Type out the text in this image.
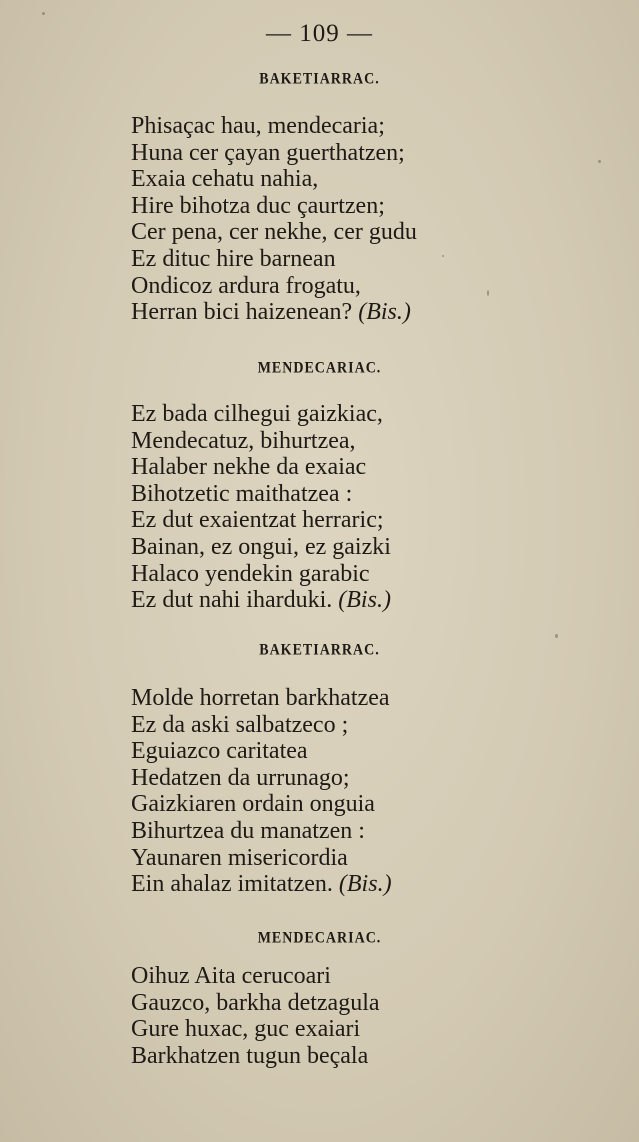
— 109 —
BAKETIARRAC.
Phisaçac hau, mendecaria;
Huna cer çayan guerthatzen;
Exaia cehatu nahia,
Hire bihotza duc çaurtzen;
Cer pena, cer nekhe, cer gudu
Ez dituc hire barnean
Ondicoz ardura frogatu,
Herran bici haizenean? (Bis.)
MENDECARIAC.
Ez bada cilhegui gaizkiac,
Mendecatuz, bihurtzea,
Halaber nekhe da exaiac
Bihotzetic maithatzea :
Ez dut exaientzat herraric;
Bainan, ez ongui, ez gaizki
Halaco yendekin garabic
Ez dut nahi iharduki. (Bis.)
BAKETIARRAC.
Molde horretan barkhatzea
Ez da aski salbatzeco ;
Eguiazco caritatea
Hedatzen da urrunago;
Gaizkiaren ordain onguia
Bihurtzea du manatzen :
Yaunaren misericordia
Ein ahalaz imitatzen. (Bis.)
MENDECARIAC.
Oihuz Aita cerucoari
Gauzco, barkha detzagula
Gure huxac, guc exaiari
Barkhatzen tugun beçala
